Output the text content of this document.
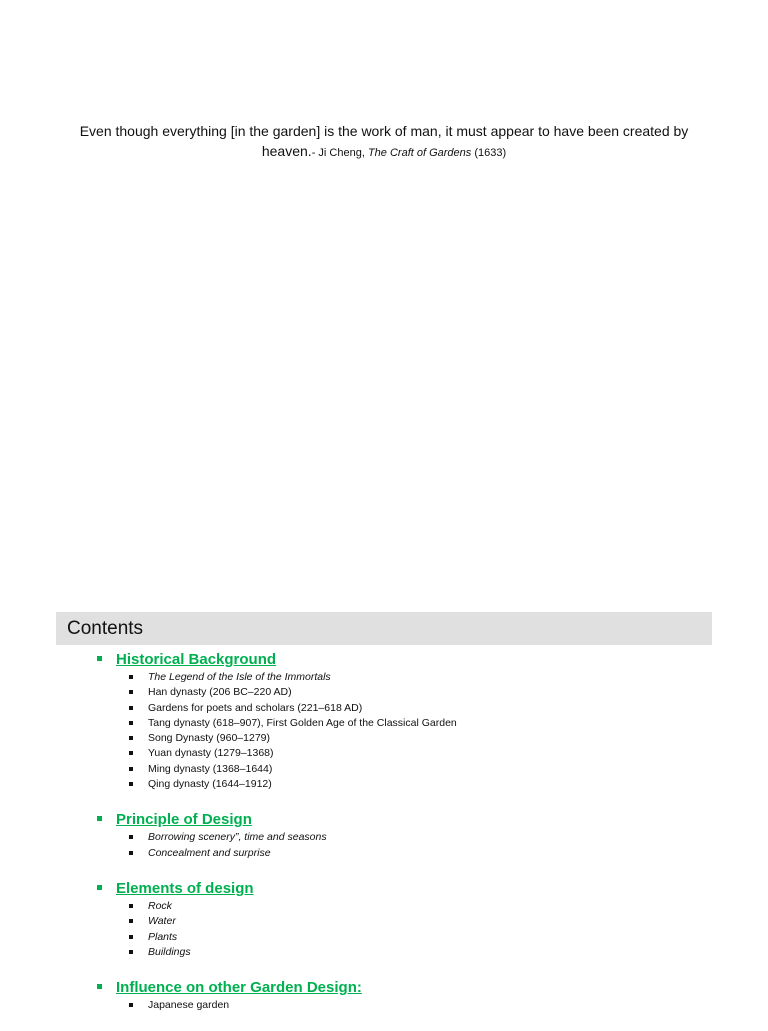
Even though everything [in the garden] is the work of man, it must appear to have been created by heaven.- Ji Cheng, The Craft of Gardens (1633)
Contents
Historical Background
The Legend of the Isle of the Immortals
Han dynasty (206 BC–220 AD)
Gardens for poets and scholars (221–618 AD)
Tang dynasty (618–907), First Golden Age of the Classical Garden
Song Dynasty (960–1279)
Yuan dynasty (1279–1368)
Ming dynasty (1368–1644)
Qing dynasty (1644–1912)
Principle of Design
Borrowing scenery”, time and seasons
Concealment and surprise
Elements of design
Rock
Water
Plants
Buildings
Influence on other Garden Design:
Japanese garden
